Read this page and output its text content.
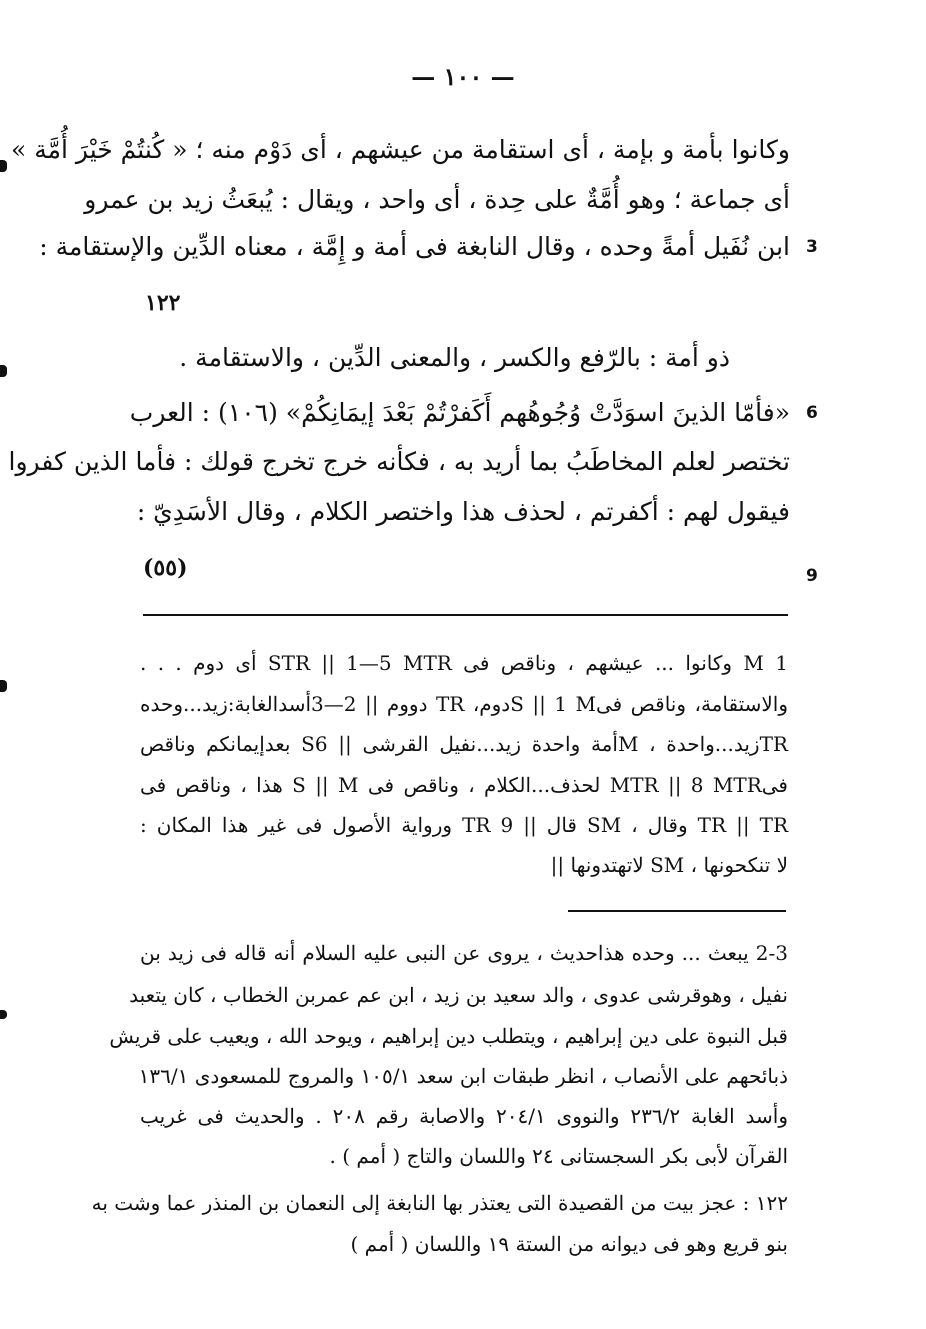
— ١٠٠ —
وكانوا بأمة و بإمة ، أى استقامة من عيشهم ، أى دَوْم منه ؛ « كُنتُمْ خَيْرَ أُمَّة »
أى جماعة ؛ وهو أُمَّةٌ على حِدة ، أى واحد ، ويقال : يُبعَثُ زيد بن عمرو
ابن نُفَيل أمةً وحده ، وقال النابغة فى أمة و إِمَّة ، معناه الدِّين والإستقامة : 3
١٢٢
ذو أمة : بالرّفع والكسر ، والمعنى الدِّين ، والاستقامة .
«فأمّا الذينَ اسوَدَّتْ وُجُوهُهم أَكَفرْتُمْ بَعْدَ إيمَانِكُمْ» (١٠٦) : العرب 6
تختصر لعلم المخاطَبُ بما أريد به ، فكأنه خرج تخرج قولك : فأما الذين كفروا
فيقول لهم : أكفرتم ، لحذف هذا واختصر الكلام ، وقال الأسَدِيّ :
(٥٥)	9
1 M وكانوا ... عيشهم ، وناقص فى STR || 1—5 MTR أى دوم . . .
والاستقامة، وناقص فىS || 1 Mدوم، TR دووم || 2—3أسدالغابة:زيد...وحده
TRزيد...واحدة ، Mأمة واحدة زيد...نفيل القرشى || S6 بعدإيمانكم وناقص
فىMTR || 8 MTR لحذف...الكلام ، وناقص فى S || M هذا ، وناقص فى
TR || TR وقال ، SM قال || TR 9 ورواية الأصول فى غير هذا المكان :
لا تنكحونها ، SM لاتهتدونها ||
2-3 يبعث ... وحده هذاحديث ، يروى عن النبى عليه السلام أنه قاله فى زيد بن
نفيل ، وهوقرشى عدوى ، والد سعيد بن زيد ، ابن عم عمربن الخطاب ، كان يتعبد
قبل النبوة على دين إبراهيم ، ويتطلب دين إبراهيم ، ويوحد الله ، ويعيب على قريش
ذبائحهم على الأنصاب ، انظر طبقات ابن سعد ١٠٥/١ والمروج للمسعودى ١٣٦/١
وأسد الغابة ٢٣٦/٢ والنووى ٢٠٤/١ والاصابة رقم ٢٠٨ . والحديث فى غريب
القرآن لأبى بكر السجستانى ٢٤ واللسان والتاج ( أمم ) .
١٢٢ : عجز بيت من القصيدة التى يعتذر بها النابغة إلى النعمان بن المنذر عما وشت به
بنو قريع وهو فى ديوانه من الستة ١٩ واللسان ( أمم )
